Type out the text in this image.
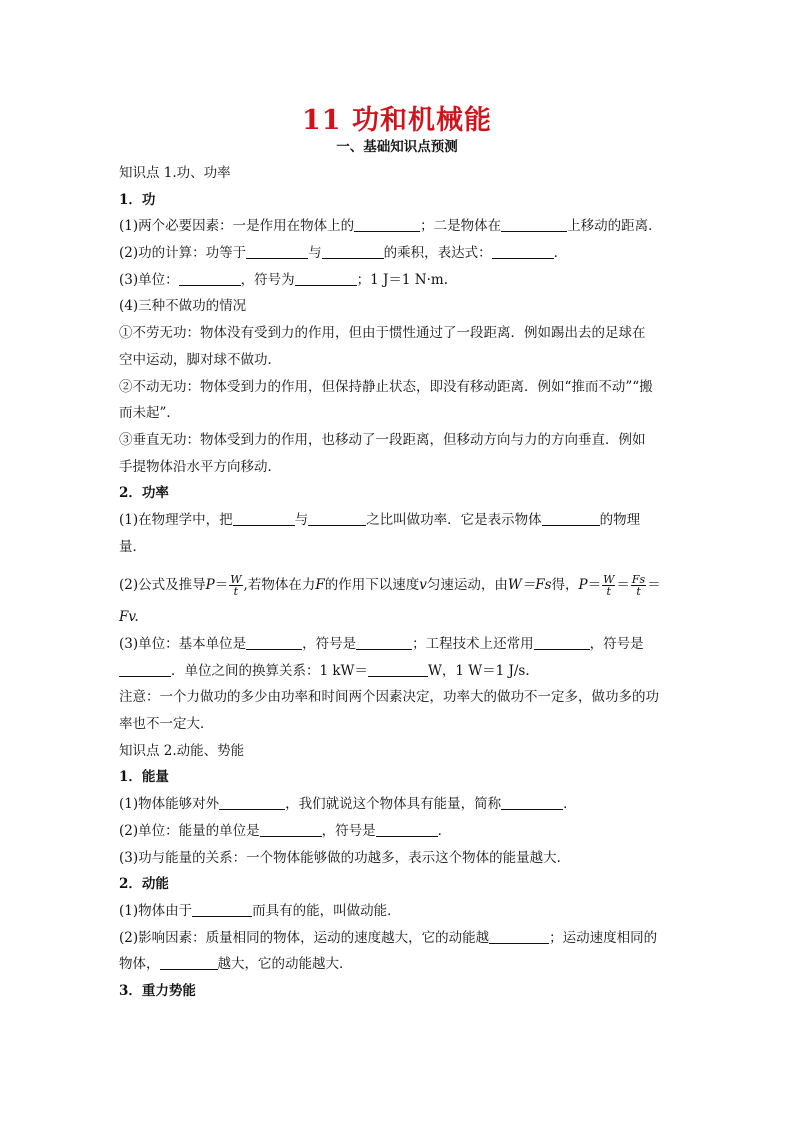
11 功和机械能
一、基础知识点预测
知识点 1.功、功率
1．功
(1)两个必要因素：一是作用在物体上的	；二是物体在	上移动的距离．
(2)功的计算：功等于	与	的乘积，表达式：	．
(3)单位：	，符号为	；1 J＝1 N·m.
(4)三种不做功的情况
①不劳无功：物体没有受到力的作用，但由于惯性通过了一段距离．例如踢出去的足球在
空中运动，脚对球不做功．
②不动无功：物体受到力的作用，但保持静止状态，即没有移动距离．例如“推而不动”“搬
而未起”．
③垂直无功：物体受到力的作用，也移动了一段距离，但移动方向与力的方向垂直．例如
手提物体沿水平方向移动．
2．功率
(1)在物理学中，把	与	之比叫做功率．它是表示物体	的物理
量．
(2)公式及推导$P= \frac{W}{t}$ ,若物体在力F的作用下以速度v匀速运动，由W＝Fs得，$P= \frac{W}{t} = \frac{Fs}{t}$ ＝
Fv.
(3)单位：基本单位是	，符号是	；工程技术上还常用	，符号是
．单位之间的换算关系：1 kW＝	W，1 W＝1 J/s.
注意：一个力做功的多少由功率和时间两个因素决定，功率大的做功不一定多，做功多的功
率也不一定大．
知识点 2.动能、势能
1．能量
(1)物体能够对外	，我们就说这个物体具有能量，简称	．
(2)单位：能量的单位是	，符号是	．
(3)功与能量的关系：一个物体能够做的功越多，表示这个物体的能量越大．
2．动能
(1)物体由于	而具有的能，叫做动能．
(2)影响因素：质量相同的物体，运动的速度越大，它的动能越	；运动速度相同的
物体，	越大，它的动能越大．
3．重力势能
